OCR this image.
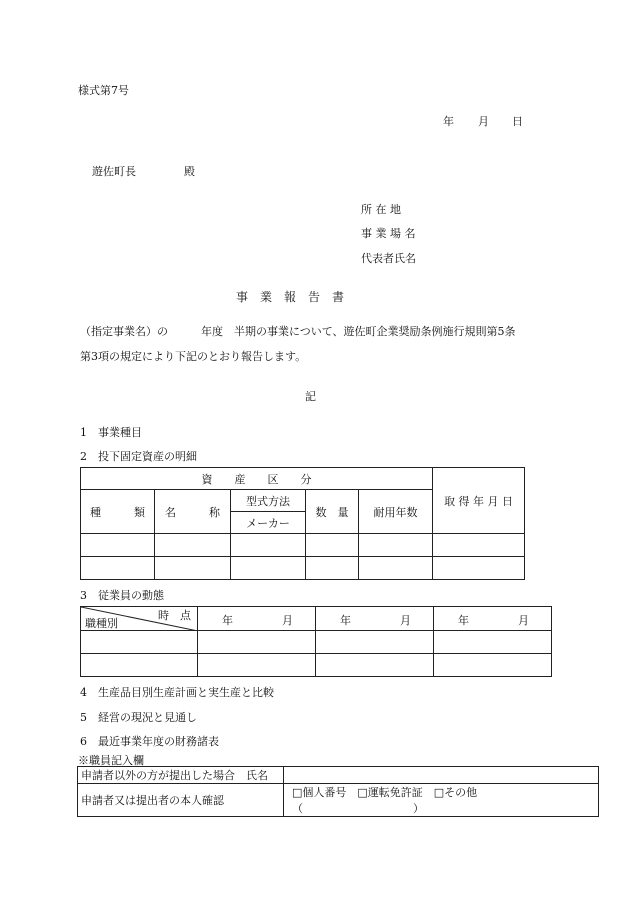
様式第7号
年 月 日
遊佐町長	殿
所 在 地
事 業 場 名
代表者氏名
事　業　報　告　書
（指定事業名）の　　　年度　半期の事業について、遊佐町企業奨励条例施行規則第5条
第3項の規定により下記のとおり報告します。
記
1　事業種目
2　投下固定資産の明細
資　　産　　区　　分					取 得 年 月 日
種　　　類	名　　　称	型式方法	数　量	耐用年数	
		メーカー			

3　従業員の動態
時　点
職種別	年 月	年 月	年 月

4　生産品目別生産計画と実生産と比較
5　経営の現況と見通し
6　最近事業年度の財務諸表
※職員記入欄
申請者以外の方が提出した場合　氏名	
申請者又は提出者の本人確認	□個人番号　□運転免許証　□その他（　　　　　　　　　　）
